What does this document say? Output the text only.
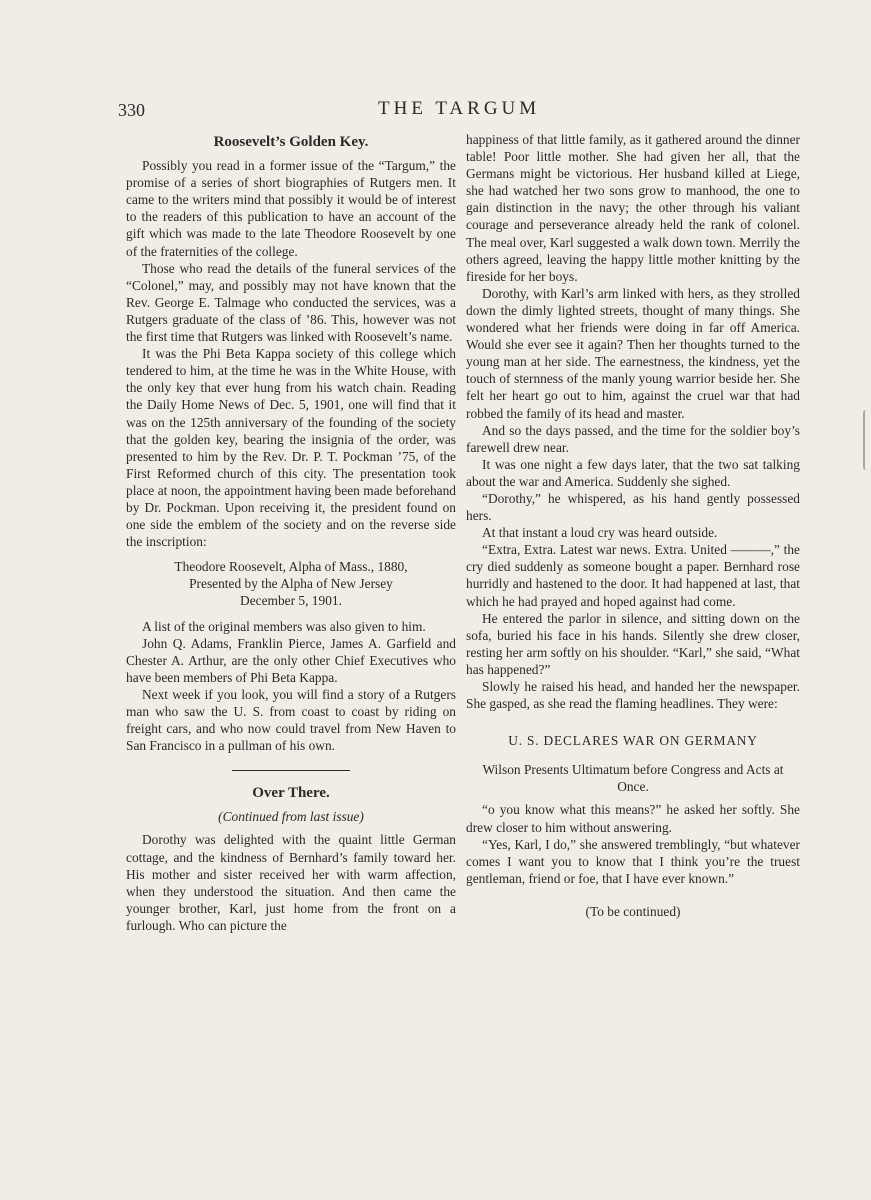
330	THE TARGUM
Roosevelt’s Golden Key.

Possibly you read in a former issue of the “Targum,” the promise of a series of short biographies of Rutgers men. It came to the writers mind that possibly it would be of interest to the readers of this publication to have an account of the gift which was made to the late Theodore Roosevelt by one of the fraternities of the college.

Those who read the details of the funeral services of the “Colonel,” may, and possibly may not have known that the Rev. George E. Talmage who conducted the services, was a Rutgers graduate of the class of ’86. This, however was not the first time that Rutgers was linked with Roosevelt’s name.

It was the Phi Beta Kappa society of this college which tendered to him, at the time he was in the White House, with the only key that ever hung from his watch chain. Reading the Daily Home News of Dec. 5, 1901, one will find that it was on the 125th anniversary of the founding of the society that the golden key, bearing the insignia of the order, was presented to him by the Rev. Dr. P. T. Pockman ’75, of the First Reformed church of this city. The presentation took place at noon, the appointment having been made beforehand by Dr. Pockman. Upon receiving it, the president found on one side the emblem of the society and on the reverse side the inscription:

Theodore Roosevelt, Alpha of Mass., 1880,
Presented by the Alpha of New Jersey
December 5, 1901.

A list of the original members was also given to him.

John Q. Adams, Franklin Pierce, James A. Garfield and Chester A. Arthur, are the only other Chief Executives who have been members of Phi Beta Kappa.

Next week if you look, you will find a story of a Rutgers man who saw the U. S. from coast to coast by riding on freight cars, and who now could travel from New Haven to San Francisco in a pullman of his own.

Over There.
(Continued from last issue)

Dorothy was delighted with the quaint little German cottage, and the kindness of Bernhard’s family toward her. His mother and sister received her with warm affection, when they understood the situation. And then came the younger brother, Karl, just home from the front on a furlough. Who can picture the

happiness of that little family, as it gathered around the dinner table! Poor little mother. She had given her all, that the Germans might be victorious. Her husband killed at Liege, she had watched her two sons grow to manhood, the one to gain distinction in the navy; the other through his valiant courage and perseverance already held the rank of colonel. The meal over, Karl suggested a walk down town. Merrily the others agreed, leaving the happy little mother knitting by the fireside for her boys.

Dorothy, with Karl’s arm linked with hers, as they strolled down the dimly lighted streets, thought of many things. She wondered what her friends were doing in far off America. Would she ever see it again? Then her thoughts turned to the young man at her side. The earnestness, the kindness, yet the touch of sternness of the manly young warrior beside her. She felt her heart go out to him, against the cruel war that had robbed the family of its head and master.

And so the days passed, and the time for the soldier boy’s farewell drew near.

It was one night a few days later, that the two sat talking about the war and America. Suddenly she sighed.

“Dorothy,” he whispered, as his hand gently possessed hers.

At that instant a loud cry was heard outside.

“Extra, Extra. Latest war news. Extra. United ———,” the cry died suddenly as someone bought a paper. Bernhard rose hurridly and hastened to the door. It had happened at last, that which he had prayed and hoped against had come.

He entered the parlor in silence, and sitting down on the sofa, buried his face in his hands. Silently she drew closer, resting her arm softly on his shoulder. “Karl,” she said, “What has happened?”

Slowly he raised his head, and handed her the newspaper. She gasped, as she read the flaming headlines. They were:

U. S. DECLARES WAR ON GERMANY
Wilson Presents Ultimatum before Congress and Acts at Once.

“o you know what this means?” he asked her softly. She drew closer to him without answering.

“Yes, Karl, I do,” she answered tremblingly, “but whatever comes I want you to know that I think you’re the truest gentleman, friend or foe, that I have ever known.”

(To be continued)
